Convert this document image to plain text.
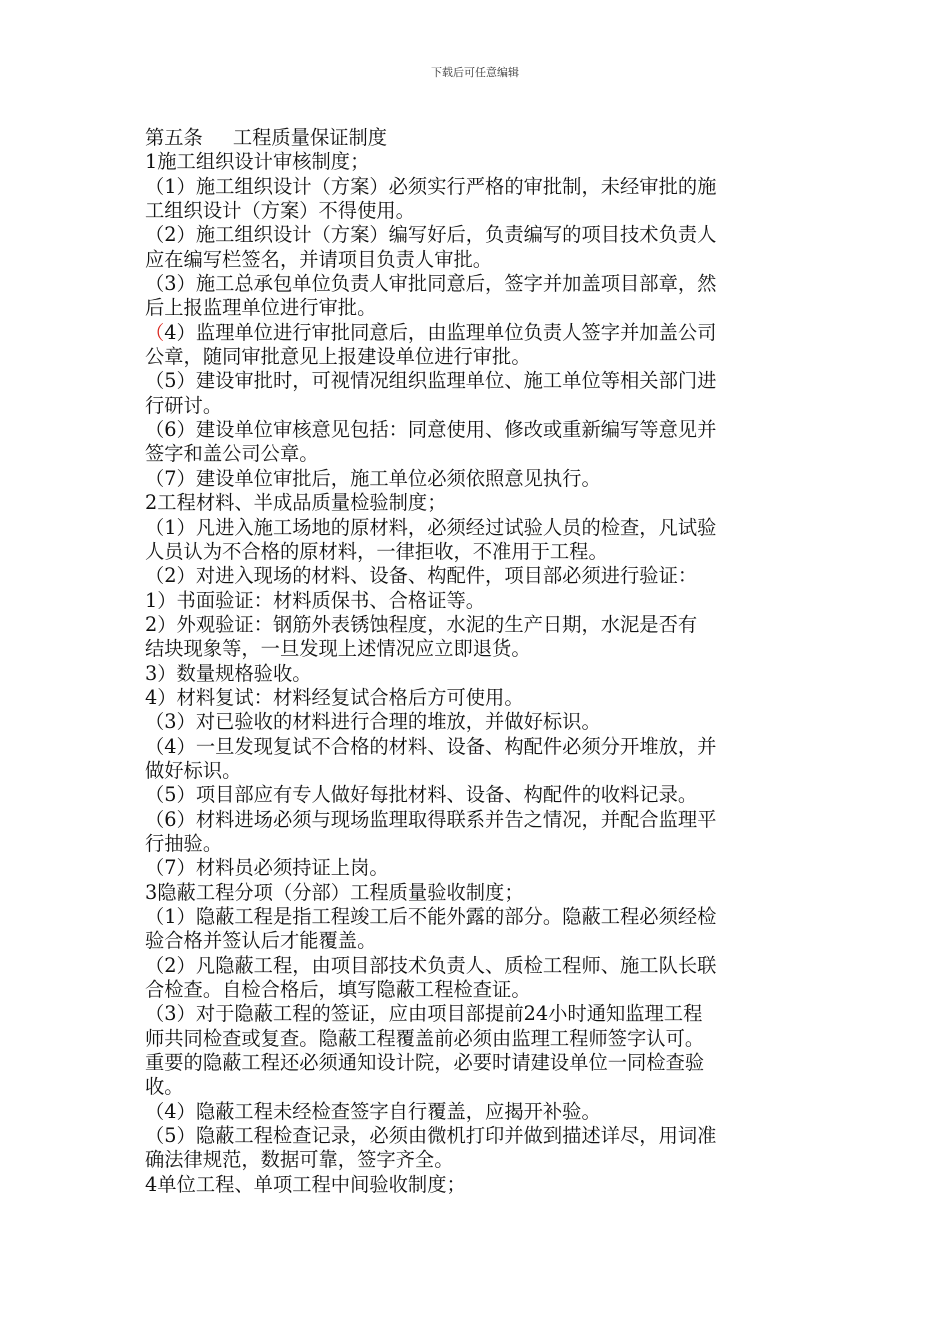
下载后可任意编辑
第五条 工程质量保证制度
1施工组织设计审核制度；
（1）施工组织设计（方案）必须实行严格的审批制，未经审批的施
工组织设计（方案）不得使用。
（2）施工组织设计（方案）编写好后，负责编写的项目技术负责人
应在编写栏签名，并请项目负责人审批。
（3）施工总承包单位负责人审批同意后，签字并加盖项目部章，然
后上报监理单位进行审批。
（4）监理单位进行审批同意后，由监理单位负责人签字并加盖公司
公章，随同审批意见上报建设单位进行审批。
（5）建设审批时，可视情况组织监理单位、施工单位等相关部门进
行研讨。
（6）建设单位审核意见包括：同意使用、修改或重新编写等意见并
签字和盖公司公章。
（7）建设单位审批后，施工单位必须依照意见执行。
2工程材料、半成品质量检验制度；
（1）凡进入施工场地的原材料，必须经过试验人员的检查，凡试验
人员认为不合格的原材料，一律拒收，不准用于工程。
（2）对进入现场的材料、设备、构配件，项目部必须进行验证：
1）书面验证：材料质保书、合格证等。
2）外观验证：钢筋外表锈蚀程度，水泥的生产日期，水泥是否有
结块现象等，一旦发现上述情况应立即退货。
3）数量规格验收。
4）材料复试：材料经复试合格后方可使用。
（3）对已验收的材料进行合理的堆放，并做好标识。
（4）一旦发现复试不合格的材料、设备、构配件必须分开堆放，并
做好标识。
（5）项目部应有专人做好每批材料、设备、构配件的收料记录。
（6）材料进场必须与现场监理取得联系并告之情况，并配合监理平
行抽验。
（7）材料员必须持证上岗。
3隐蔽工程分项（分部）工程质量验收制度；
（1）隐蔽工程是指工程竣工后不能外露的部分。隐蔽工程必须经检
验合格并签认后才能覆盖。
（2）凡隐蔽工程，由项目部技术负责人、质检工程师、施工队长联
合检查。自检合格后，填写隐蔽工程检查证。
（3）对于隐蔽工程的签证，应由项目部提前24小时通知监理工程
师共同检查或复查。隐蔽工程覆盖前必须由监理工程师签字认可。
重要的隐蔽工程还必须通知设计院，必要时请建设单位一同检查验
收。
（4）隐蔽工程未经检查签字自行覆盖，应揭开补验。
（5）隐蔽工程检查记录，必须由微机打印并做到描述详尽，用词准
确法律规范，数据可靠，签字齐全。
4单位工程、单项工程中间验收制度；
